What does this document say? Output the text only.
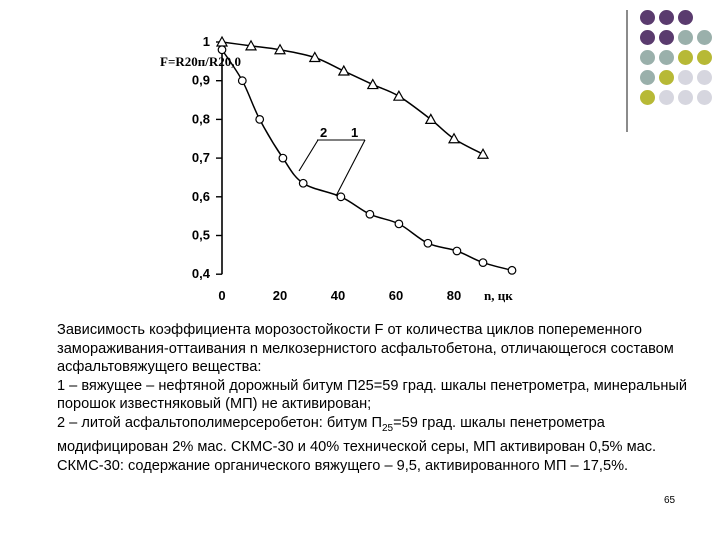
1
0,9
0,8
0,7
0,6
0,5
0,4
0	20	40	60	80
F=R20п/R20,0
n, цк
2 1

Зависимость коэффициента морозостойкости F от количества циклов попеременного замораживания-оттаивания n мелкозернистого асфальтобетона, отличающегося составом асфальтовяжущего вещества:

1 – вяжущее – нефтяной дорожный битум П25=59 град. шкалы пенетрометра, минеральный порошок известняковый (МП) не активирован;

2 – литой асфальтополимерсеробетон: битум $П_{25}=59$ град. шкалы пенетрометра модифицирован 2% мас. СКМС-30 и 40% технической серы, МП активирован 0,5% мас. СКМС-30: содержание органического вяжущего – 9,5, активированного МП – 17,5%.

65
